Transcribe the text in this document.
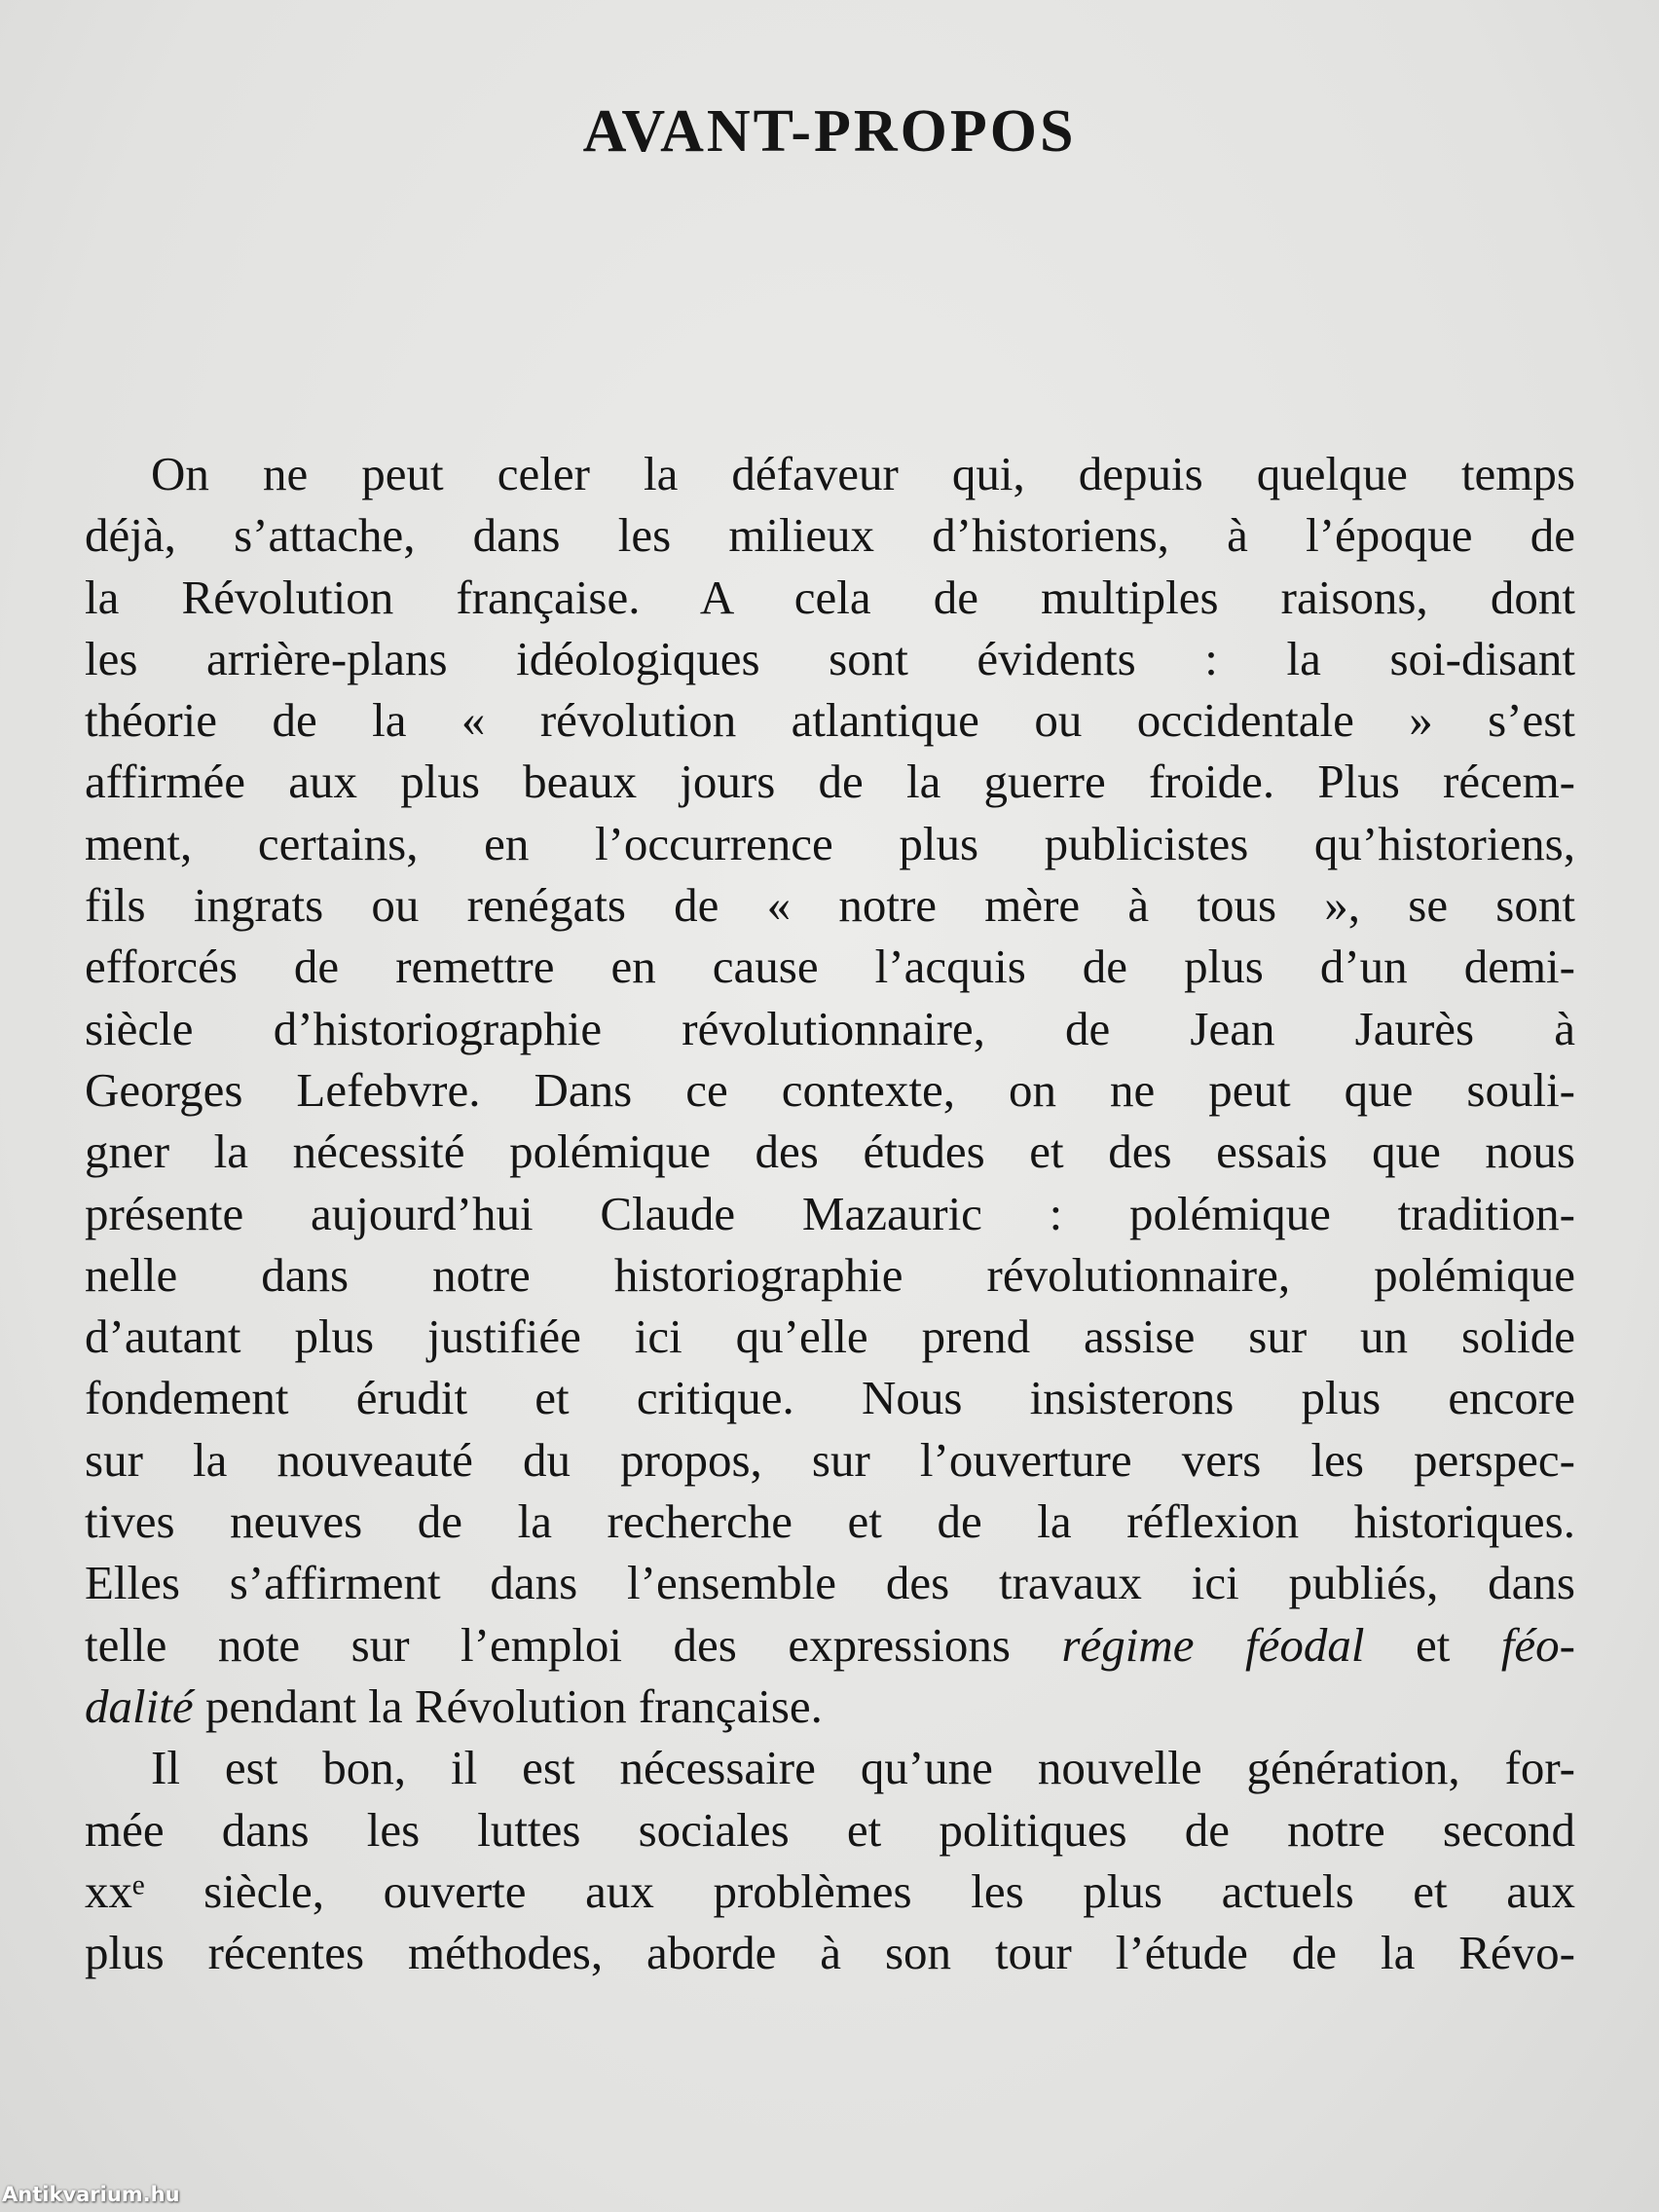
AVANT-PROPOS
On ne peut celer la défaveur qui, depuis quelque temps
déjà, s’attache, dans les milieux d’historiens, à l’époque de
la Révolution française. A cela de multiples raisons, dont
les arrière-plans idéologiques sont évidents : la soi-disant
théorie de la « révolution atlantique ou occidentale » s’est
affirmée aux plus beaux jours de la guerre froide. Plus récem-
ment, certains, en l’occurrence plus publicistes qu’historiens,
fils ingrats ou renégats de « notre mère à tous », se sont
efforcés de remettre en cause l’acquis de plus d’un demi-
siècle d’historiographie révolutionnaire, de Jean Jaurès à
Georges Lefebvre. Dans ce contexte, on ne peut que souli-
gner la nécessité polémique des études et des essais que nous
présente aujourd’hui Claude Mazauric : polémique tradition-
nelle dans notre historiographie révolutionnaire, polémique
d’autant plus justifiée ici qu’elle prend assise sur un solide
fondement érudit et critique. Nous insisterons plus encore
sur la nouveauté du propos, sur l’ouverture vers les perspec-
tives neuves de la recherche et de la réflexion historiques.
Elles s’affirment dans l’ensemble des travaux ici publiés, dans
telle note sur l’emploi des expressions régime féodal et féo-
dalité pendant la Révolution française.
Il est bon, il est nécessaire qu’une nouvelle génération, for-
mée dans les luttes sociales et politiques de notre second
xxᵉ siècle, ouverte aux problèmes les plus actuels et aux
plus récentes méthodes, aborde à son tour l’étude de la Révo-
Antikvarium.hu
